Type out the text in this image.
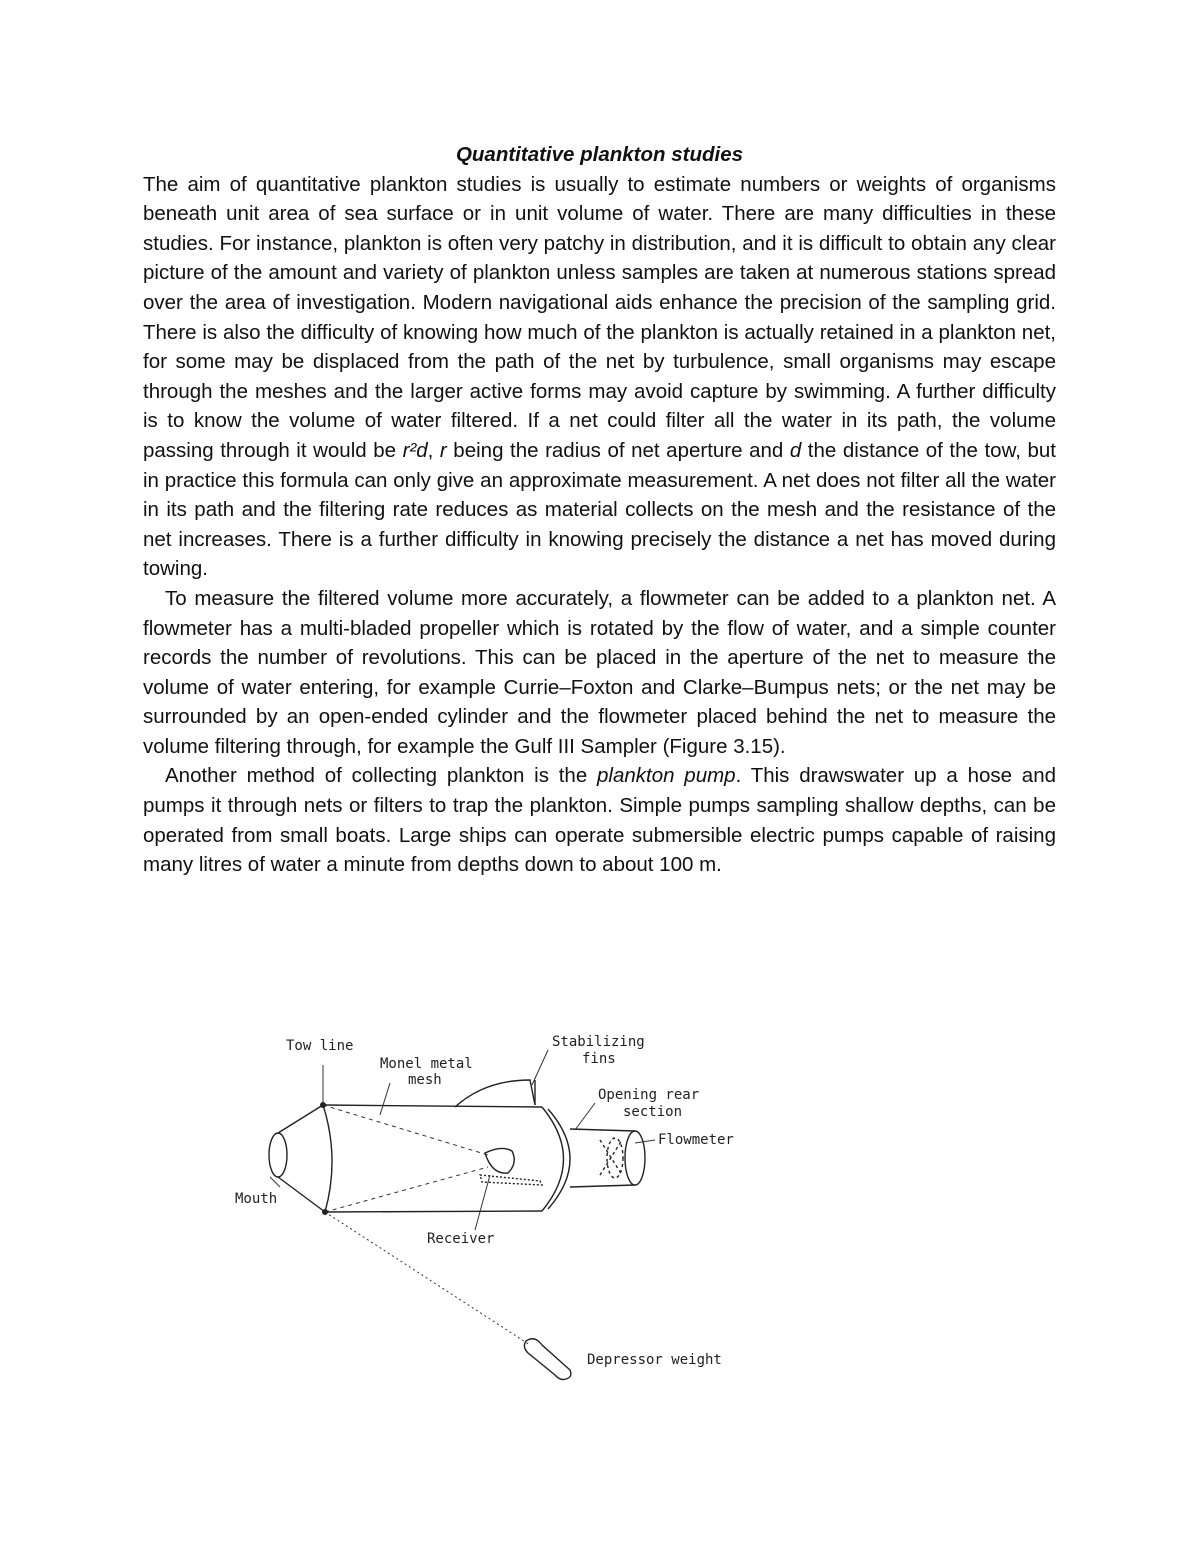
Quantitative plankton studies

The aim of quantitative plankton studies is usually to estimate numbers or weights of organisms beneath unit area of sea surface or in unit volume of water. There are many difficulties in these studies. For instance, plankton is often very patchy in distribution, and it is difficult to obtain any clear picture of the amount and variety of plankton unless samples are taken at numerous stations spread over the area of investigation. Modern navigational aids enhance the precision of the sampling grid. There is also the difficulty of knowing how much of the plankton is actually retained in a plankton net, for some may be displaced from the path of the net by turbulence, small organisms may escape through the meshes and the larger active forms may avoid capture by swimming. A further difficulty is to know the volume of water filtered. If a net could filter all the water in its path, the volume passing through it would be r²d, r being the radius of net aperture and d the distance of the tow, but in practice this formula can only give an approximate measurement. A net does not filter all the water in its path and the filtering rate reduces as material collects on the mesh and the resistance of the net increases. There is a further difficulty in knowing precisely the distance a net has moved during towing.

To measure the filtered volume more accurately, a flowmeter can be added to a plankton net. A flowmeter has a multi-bladed propeller which is rotated by the flow of water, and a simple counter records the number of revolutions. This can be placed in the aperture of the net to measure the volume of water entering, for example Currie–Foxton and Clarke–Bumpus nets; or the net may be surrounded by an open-ended cylinder and the flowmeter placed behind the net to measure the volume filtering through, for example the Gulf III Sampler (Figure 3.15).

Another method of collecting plankton is the plankton pump. This drawswater up a hose and pumps it through nets or filters to trap the plankton. Simple pumps sampling shallow depths, can be operated from small boats. Large ships can operate submersible electric pumps capable of raising many litres of water a minute from depths down to about 100 m.

Tow line
Monel metal
mesh
Stabilizing
fins
Opening rear
section
Flowmeter
Mouth
Receiver
Depressor weight
